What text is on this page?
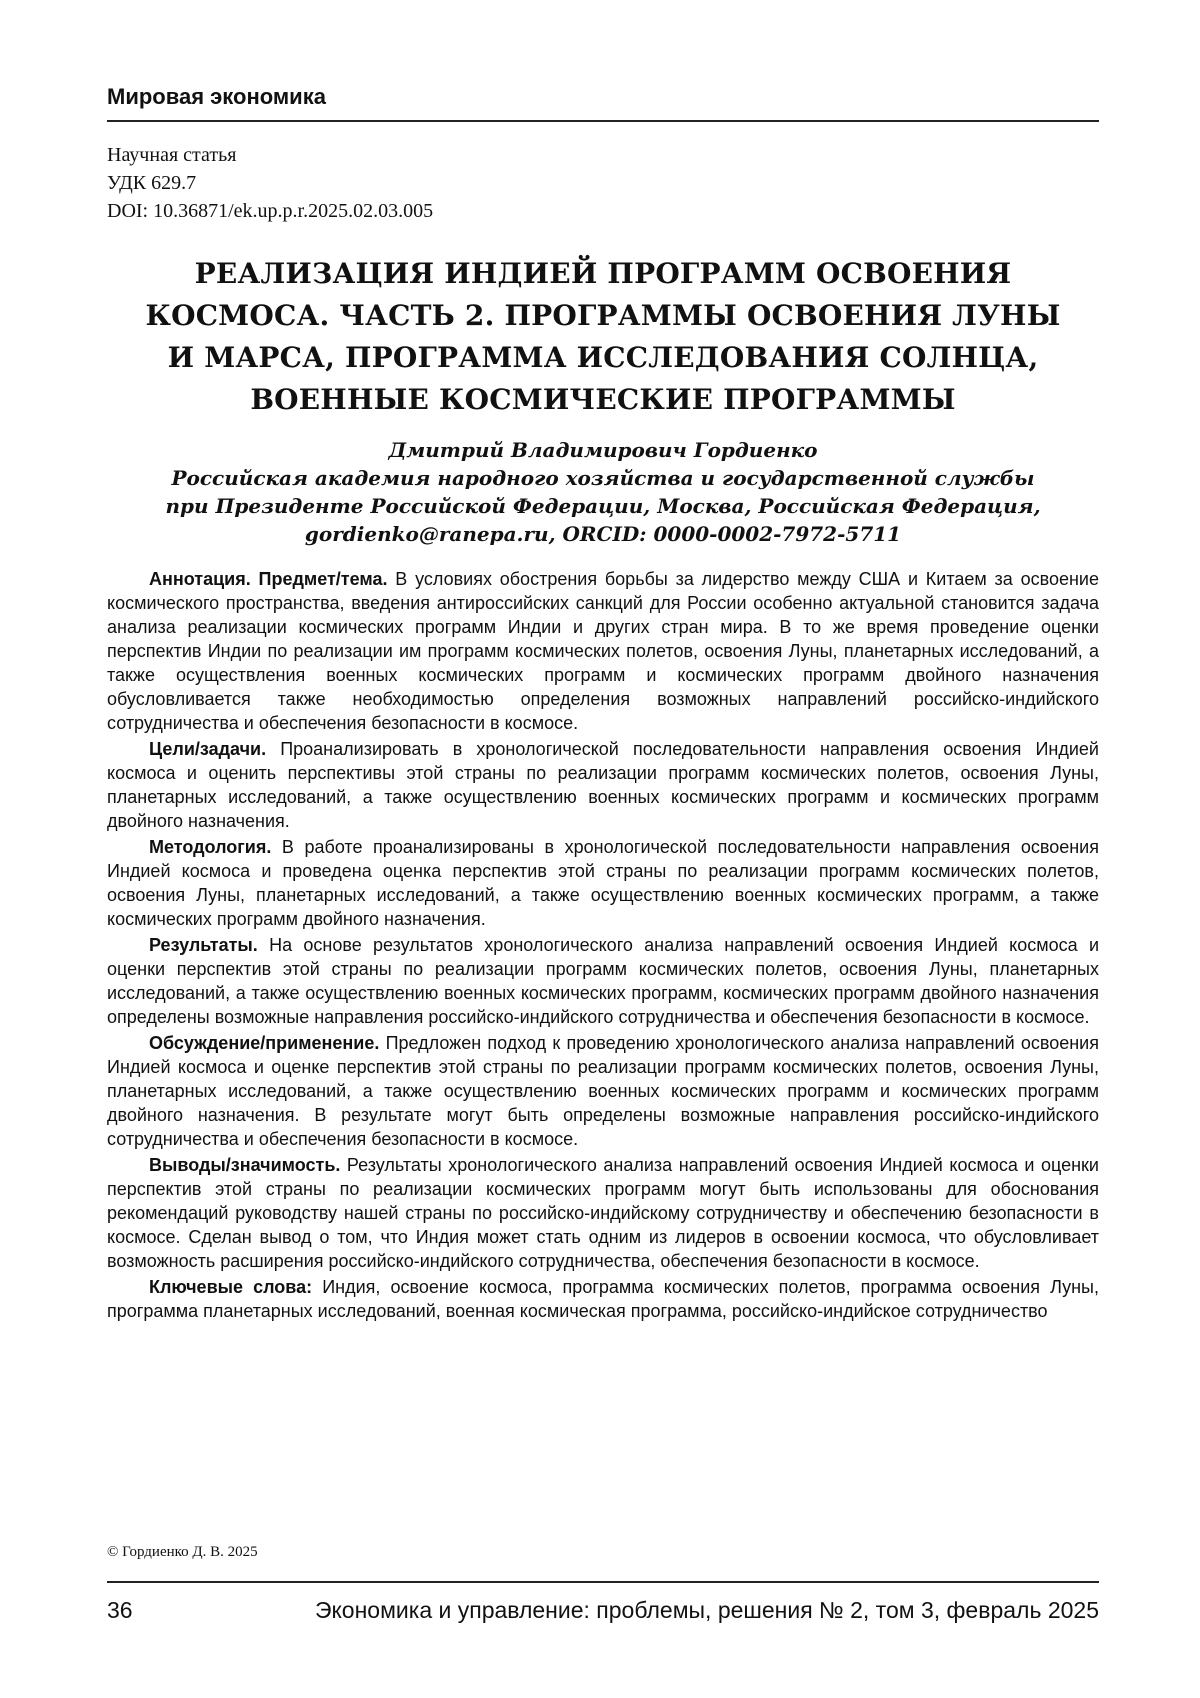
Мировая экономика
Научная статья
УДК 629.7
DOI: 10.36871/ek.up.p.r.2025.02.03.005
РЕАЛИЗАЦИЯ ИНДИЕЙ ПРОГРАММ ОСВОЕНИЯ
КОСМОСА. ЧАСТЬ 2. ПРОГРАММЫ ОСВОЕНИЯ ЛУНЫ
И МАРСА, ПРОГРАММА ИССЛЕДОВАНИЯ СОЛНЦА,
ВОЕННЫЕ КОСМИЧЕСКИЕ ПРОГРАММЫ
Дмитрий Владимирович Гордиенко
Российская академия народного хозяйства и государственной службы
при Президенте Российской Федерации, Москва, Российская Федерация,
gordienko@ranepa.ru, ORCID: 0000-0002-7972-5711

Аннотация. Предмет/тема. В условиях обострения борьбы за лидерство между США и Китаем за освоение космического пространства, введения антироссийских санкций для России особенно актуальной становится задача анализа реализации космических программ Индии и других стран мира. В то же время проведение оценки перспектив Индии по реализации им программ космических полетов, освоения Луны, планетарных исследований, а также осуществления военных космических программ и космических программ двойного назначения обусловливается также необходимостью определения возможных направлений российско-индийского сотрудничества и обеспечения безопасности в космосе.

Цели/задачи. Проанализировать в хронологической последовательности направления освоения Индией космоса и оценить перспективы этой страны по реализации программ космических полетов, освоения Луны, планетарных исследований, а также осуществлению военных космических программ и космических программ двойного назначения.

Методология. В работе проанализированы в хронологической последовательности направления освоения Индией космоса и проведена оценка перспектив этой страны по реализации программ космических полетов, освоения Луны, планетарных исследований, а также осуществлению военных космических программ, а также космических программ двойного назначения.

Результаты. На основе результатов хронологического анализа направлений освоения Индией космоса и оценки перспектив этой страны по реализации программ космических полетов, освоения Луны, планетарных исследований, а также осуществлению военных космических программ, космических программ двойного назначения определены возможные направления российско-индийского сотрудничества и обеспечения безопасности в космосе.

Обсуждение/применение. Предложен подход к проведению хронологического анализа направлений освоения Индией космоса и оценке перспектив этой страны по реализации программ космических полетов, освоения Луны, планетарных исследований, а также осуществлению военных космических программ и космических программ двойного назначения. В результате могут быть определены возможные направления российско-индийского сотрудничества и обеспечения безопасности в космосе.

Выводы/значимость. Результаты хронологического анализа направлений освоения Индией космоса и оценки перспектив этой страны по реализации космических программ могут быть использованы для обоснования рекомендаций руководству нашей страны по российско-индийскому сотрудничеству и обеспечению безопасности в космосе. Сделан вывод о том, что Индия может стать одним из лидеров в освоении космоса, что обусловливает возможность расширения российско-индийского сотрудничества, обеспечения безопасности в космосе.

Ключевые слова: Индия, освоение космоса, программа космических полетов, программа освоения Луны, программа планетарных исследований, военная космическая программа, российско-индийское сотрудничество

© Гордиенко Д. В. 2025
36	Экономика и управление: проблемы, решения № 2, том 3, февраль 2025
